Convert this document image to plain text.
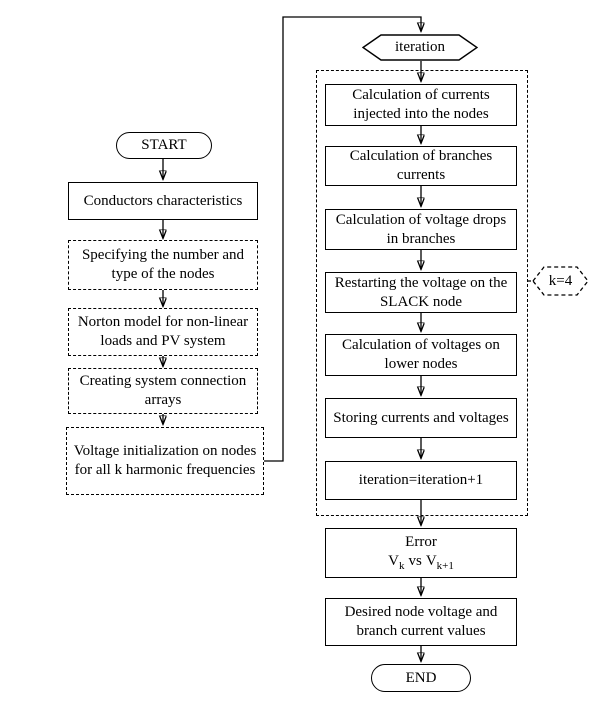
START
Conductors characteristics
Specifying the number and type of the nodes
Norton model for non-linear loads and PV system
Creating system connection arrays
Voltage initialization on nodes for all k harmonic frequencies
iteration
Calculation of currents injected into the nodes
Calculation of branches currents
Calculation of voltage drops in branches
Restarting the voltage on the SLACK node
Calculation of voltages on lower nodes
Storing currents and voltages
iteration=iteration+1
k=4
Error
$V_k$ vs $V_{k+1}$
Desired node voltage and branch current values
END
